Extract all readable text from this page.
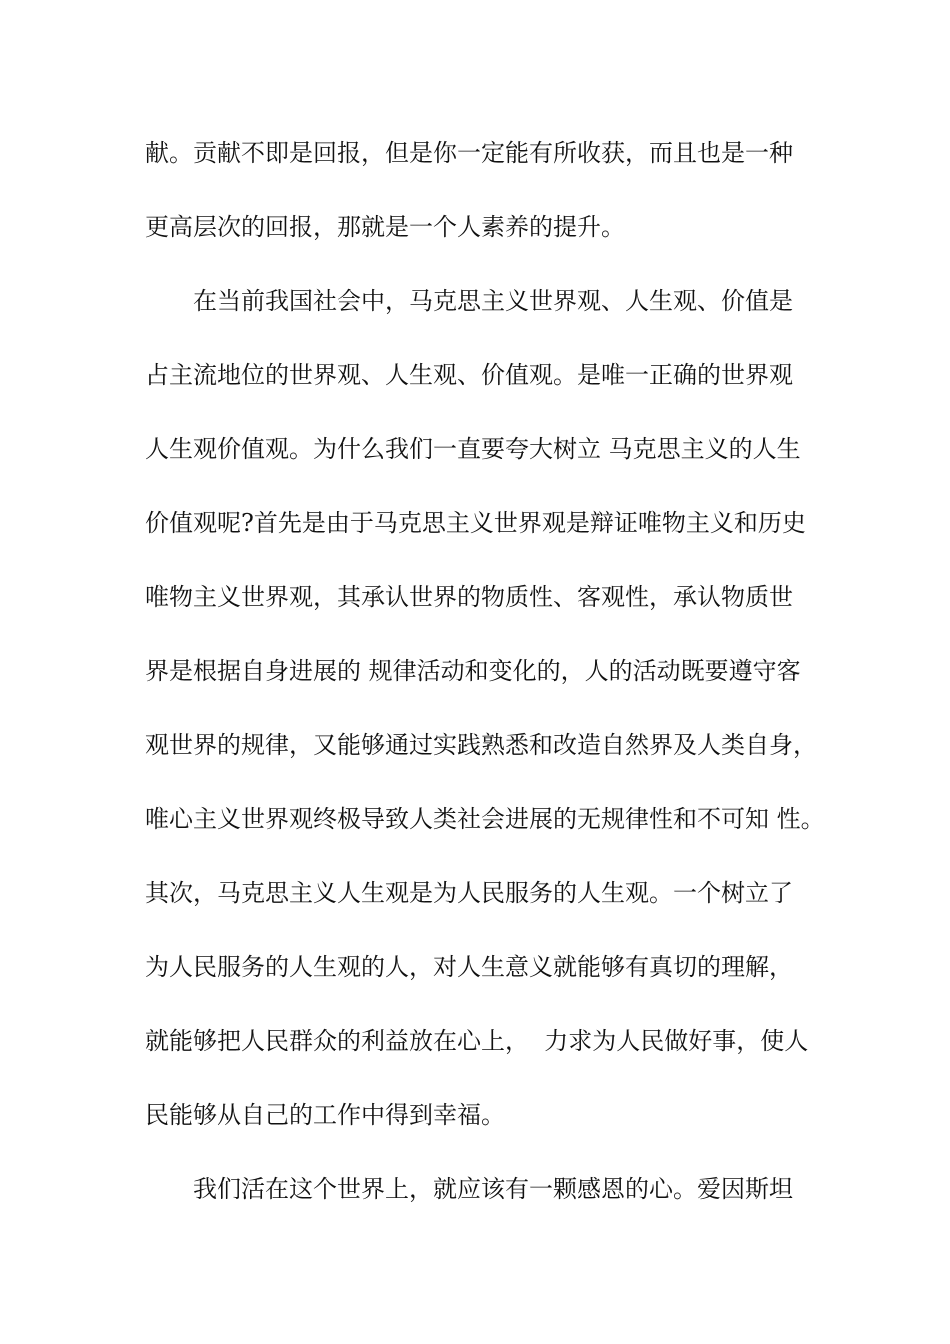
献。贡献不即是回报，但是你一定能有所收获，而且也是一种
更高层次的回报，那就是一个人素养的提升。
在当前我国社会中，马克思主义世界观、人生观、价值是
占主流地位的世界观、人生观、价值观。是唯一正确的世界观
人生观价值观。为什么我们一直要夸大树立 马克思主义的人生
价值观呢?首先是由于马克思主义世界观是辩证唯物主义和历史
唯物主义世界观，其承认世界的物质性、客观性，承认物质世
界是根据自身进展的 规律活动和变化的，人的活动既要遵守客
观世界的规律，又能够通过实践熟悉和改造自然界及人类自身，
唯心主义世界观终极导致人类社会进展的无规律性和不可知 性。
其次，马克思主义人生观是为人民服务的人生观。一个树立了
为人民服务的人生观的人，对人生意义就能够有真切的理解，
就能够把人民群众的利益放在心上，  力求为人民做好事，使人
民能够从自己的工作中得到幸福。
我们活在这个世界上，就应该有一颗感恩的心。爱因斯坦
